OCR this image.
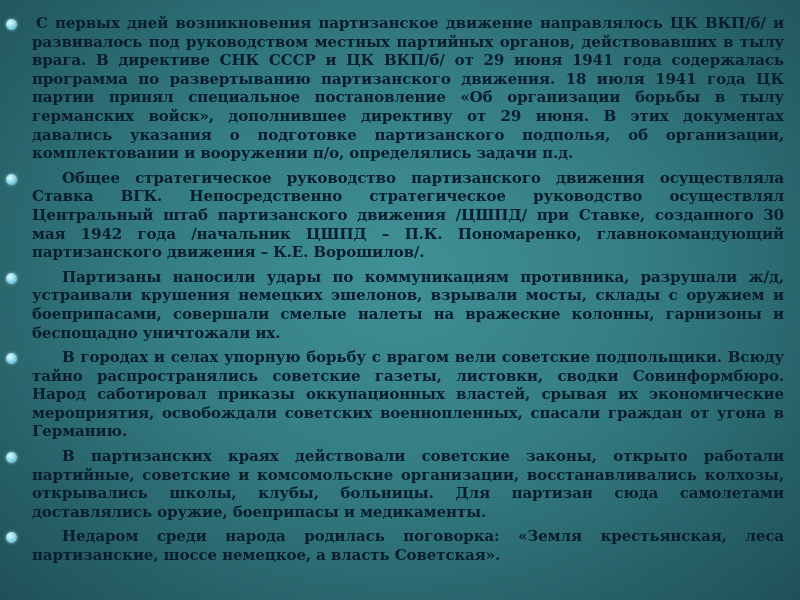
С первых дней возникновения партизанское движение направлялось ЦК ВКП/б/ и развивалось под руководством местных партийных органов, действовавших в тылу врага. В директиве СНК СССР и ЦК ВКП/б/ от 29 июня 1941 года содержалась программа по развертыванию партизанского движения. 18 июля 1941 года ЦК партии принял специальное постановление «Об организации борьбы в тылу германских войск», дополнившее директиву от 29 июня. В этих документах давались указания о подготовке партизанского подполья, об организации, комплектовании и вооружении п/о, определялись задачи п.д.
Общее стратегическое руководство партизанского движения осуществляла Ставка ВГК. Непосредственно стратегическое руководство осуществлял Центральный штаб партизанского движения /ЦШПД/ при Ставке, созданного 30 мая 1942 года /начальник ЦШПД – П.К. Пономаренко, главнокомандующий партизанского движения – К.Е. Ворошилов/.
Партизаны наносили удары по коммуникациям противника, разрушали ж/д, устраивали крушения немецких эшелонов, взрывали мосты, склады с оружием и боеприпасами, совершали смелые налеты на вражеские колонны, гарнизоны и беспощадно уничтожали их.
В городах и селах упорную борьбу с врагом вели советские подпольщики. Всюду тайно распространялись советские газеты, листовки, сводки Совинформбюро. Народ саботировал приказы оккупационных властей, срывая их экономические мероприятия, освобождали советских военнопленных, спасали граждан от угона в Германию.
В партизанских краях действовали советские законы, открыто работали партийные, советские и комсомольские организации, восстанавливались колхозы, открывались школы, клубы, больницы. Для партизан сюда самолетами доставлялись оружие, боеприпасы и медикаменты.
Недаром среди народа родилась поговорка: «Земля крестьянская, леса партизанские, шоссе немецкое, а власть Советская».
